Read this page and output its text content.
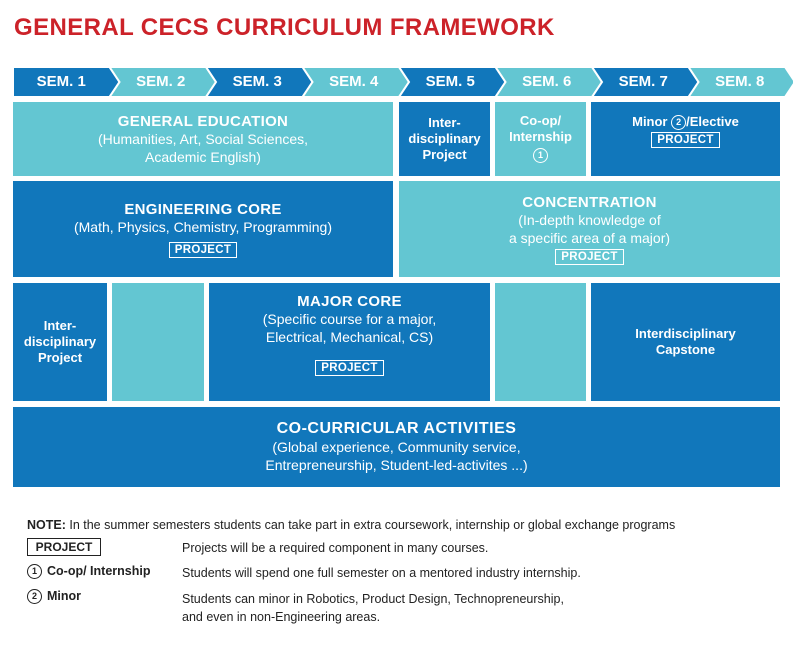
GENERAL CECS CURRICULUM FRAMEWORK
SEM. 1	SEM. 2	SEM. 3	SEM. 4	SEM. 5	SEM. 6	SEM. 7	SEM. 8
GENERAL EDUCATION
(Humanities, Art, Social Sciences,
Academic English)
Inter-
disciplinary
Project
Co-op/
Internship
1
Minor 2 /Elective
PROJECT
ENGINEERING CORE
(Math, Physics, Chemistry, Programming)
PROJECT
CONCENTRATION
(In-depth knowledge of
a specific area of a major)
PROJECT
Inter-
disciplinary
Project
MAJOR CORE
(Specific course for a major,
Electrical, Mechanical, CS)
PROJECT
Interdisciplinary
Capstone
CO-CURRICULAR ACTIVITIES
(Global experience, Community service,
Entrepreneurship, Student-led-activites ...)
NOTE: In the summer semesters students can take part in extra coursework, internship or global exchange programs
PROJECT	Projects will be a required component in many courses.
1 Co-op/ Internship	Students will spend one full semester on a mentored industry internship.
2 Minor	Students can minor in Robotics, Product Design, Technopreneurship,
and even in non-Engineering areas.
